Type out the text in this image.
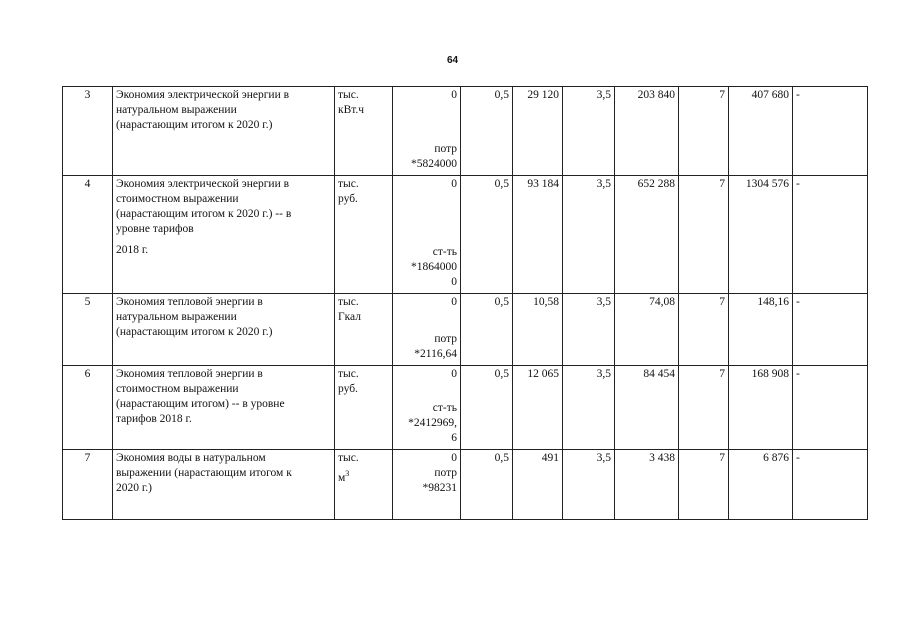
64
3	Экономия электрической энергии в
натуральном выражении
(нарастающим итогом к 2020 г.)	тыс.
кВт.ч	0
потр
*5824000	0,5	29 120	3,5	203 840	7	407 680	-
4	Экономия электрической энергии в
стоимостном выражении
(нарастающим итогом к 2020 г.) -- в
уровне тарифов
2018 г.	тыс.
руб.	0
ст-ть
*1864000
0	0,5	93 184	3,5	652 288	7	1304 576	-
5	Экономия тепловой энергии в
натуральном выражении
(нарастающим итогом к 2020 г.)	тыс.
Гкал	0
потр
*2116,64	0,5	10,58	3,5	74,08	7	148,16	-
6	Экономия тепловой энергии в
стоимостном выражении
(нарастающим итогом) -- в уровне
тарифов 2018 г.	тыс.
руб.	0
ст-ть
*2412969,
6	0,5	12 065	3,5	84 454	7	168 908	-
7	Экономия воды в натуральном
выражении (нарастающим итогом к
2020 г.)	тыс.
$м^3$	0
потр
*98231	0,5	491	3,5	3 438	7	6 876	-
